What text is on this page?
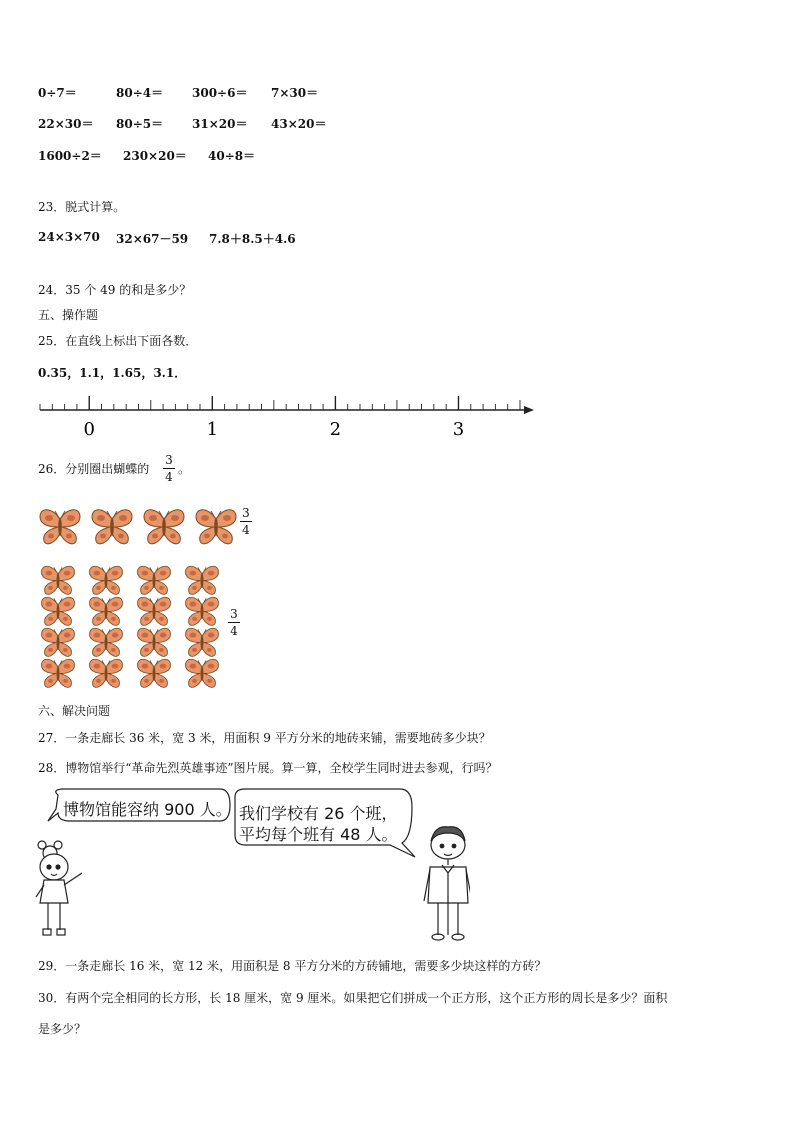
0÷7＝	80÷4＝ 300÷6＝ 7×30＝
22×30＝ 80÷5＝ 31×20＝ 43×20＝
1600÷2＝ 230×20＝ 40÷8＝
23．脱式计算。
24×3×70 32×67－59 7.8＋8.5＋4.6
24．35 个 49 的和是多少？
五、操作题
25．在直线上标出下面各数．
0.35，1.1，1.65，3.1．
0	1	2	3
26．分别圈出蝴蝶的
3
4
。
3
4
3
4
六、解决问题
27．一条走廊长 36 米，宽 3 米，用面积 9 平方分米的地砖来铺，需要地砖多少块？
28．博物馆举行“革命先烈英雄事迹”图片展。算一算，全校学生同时进去参观，行吗？
博物馆能容纳 900 人。 我们学校有 26 个班，
平均每个班有 48 人。
29．一条走廊长 16 米，宽 12 米，用面积是 8 平方分米的方砖铺地，需要多少块这样的方砖？
30．有两个完全相同的长方形，长 18 厘米，宽 9 厘米。如果把它们拼成一个正方形，这个正方形的周长是多少？面积
是多少？
